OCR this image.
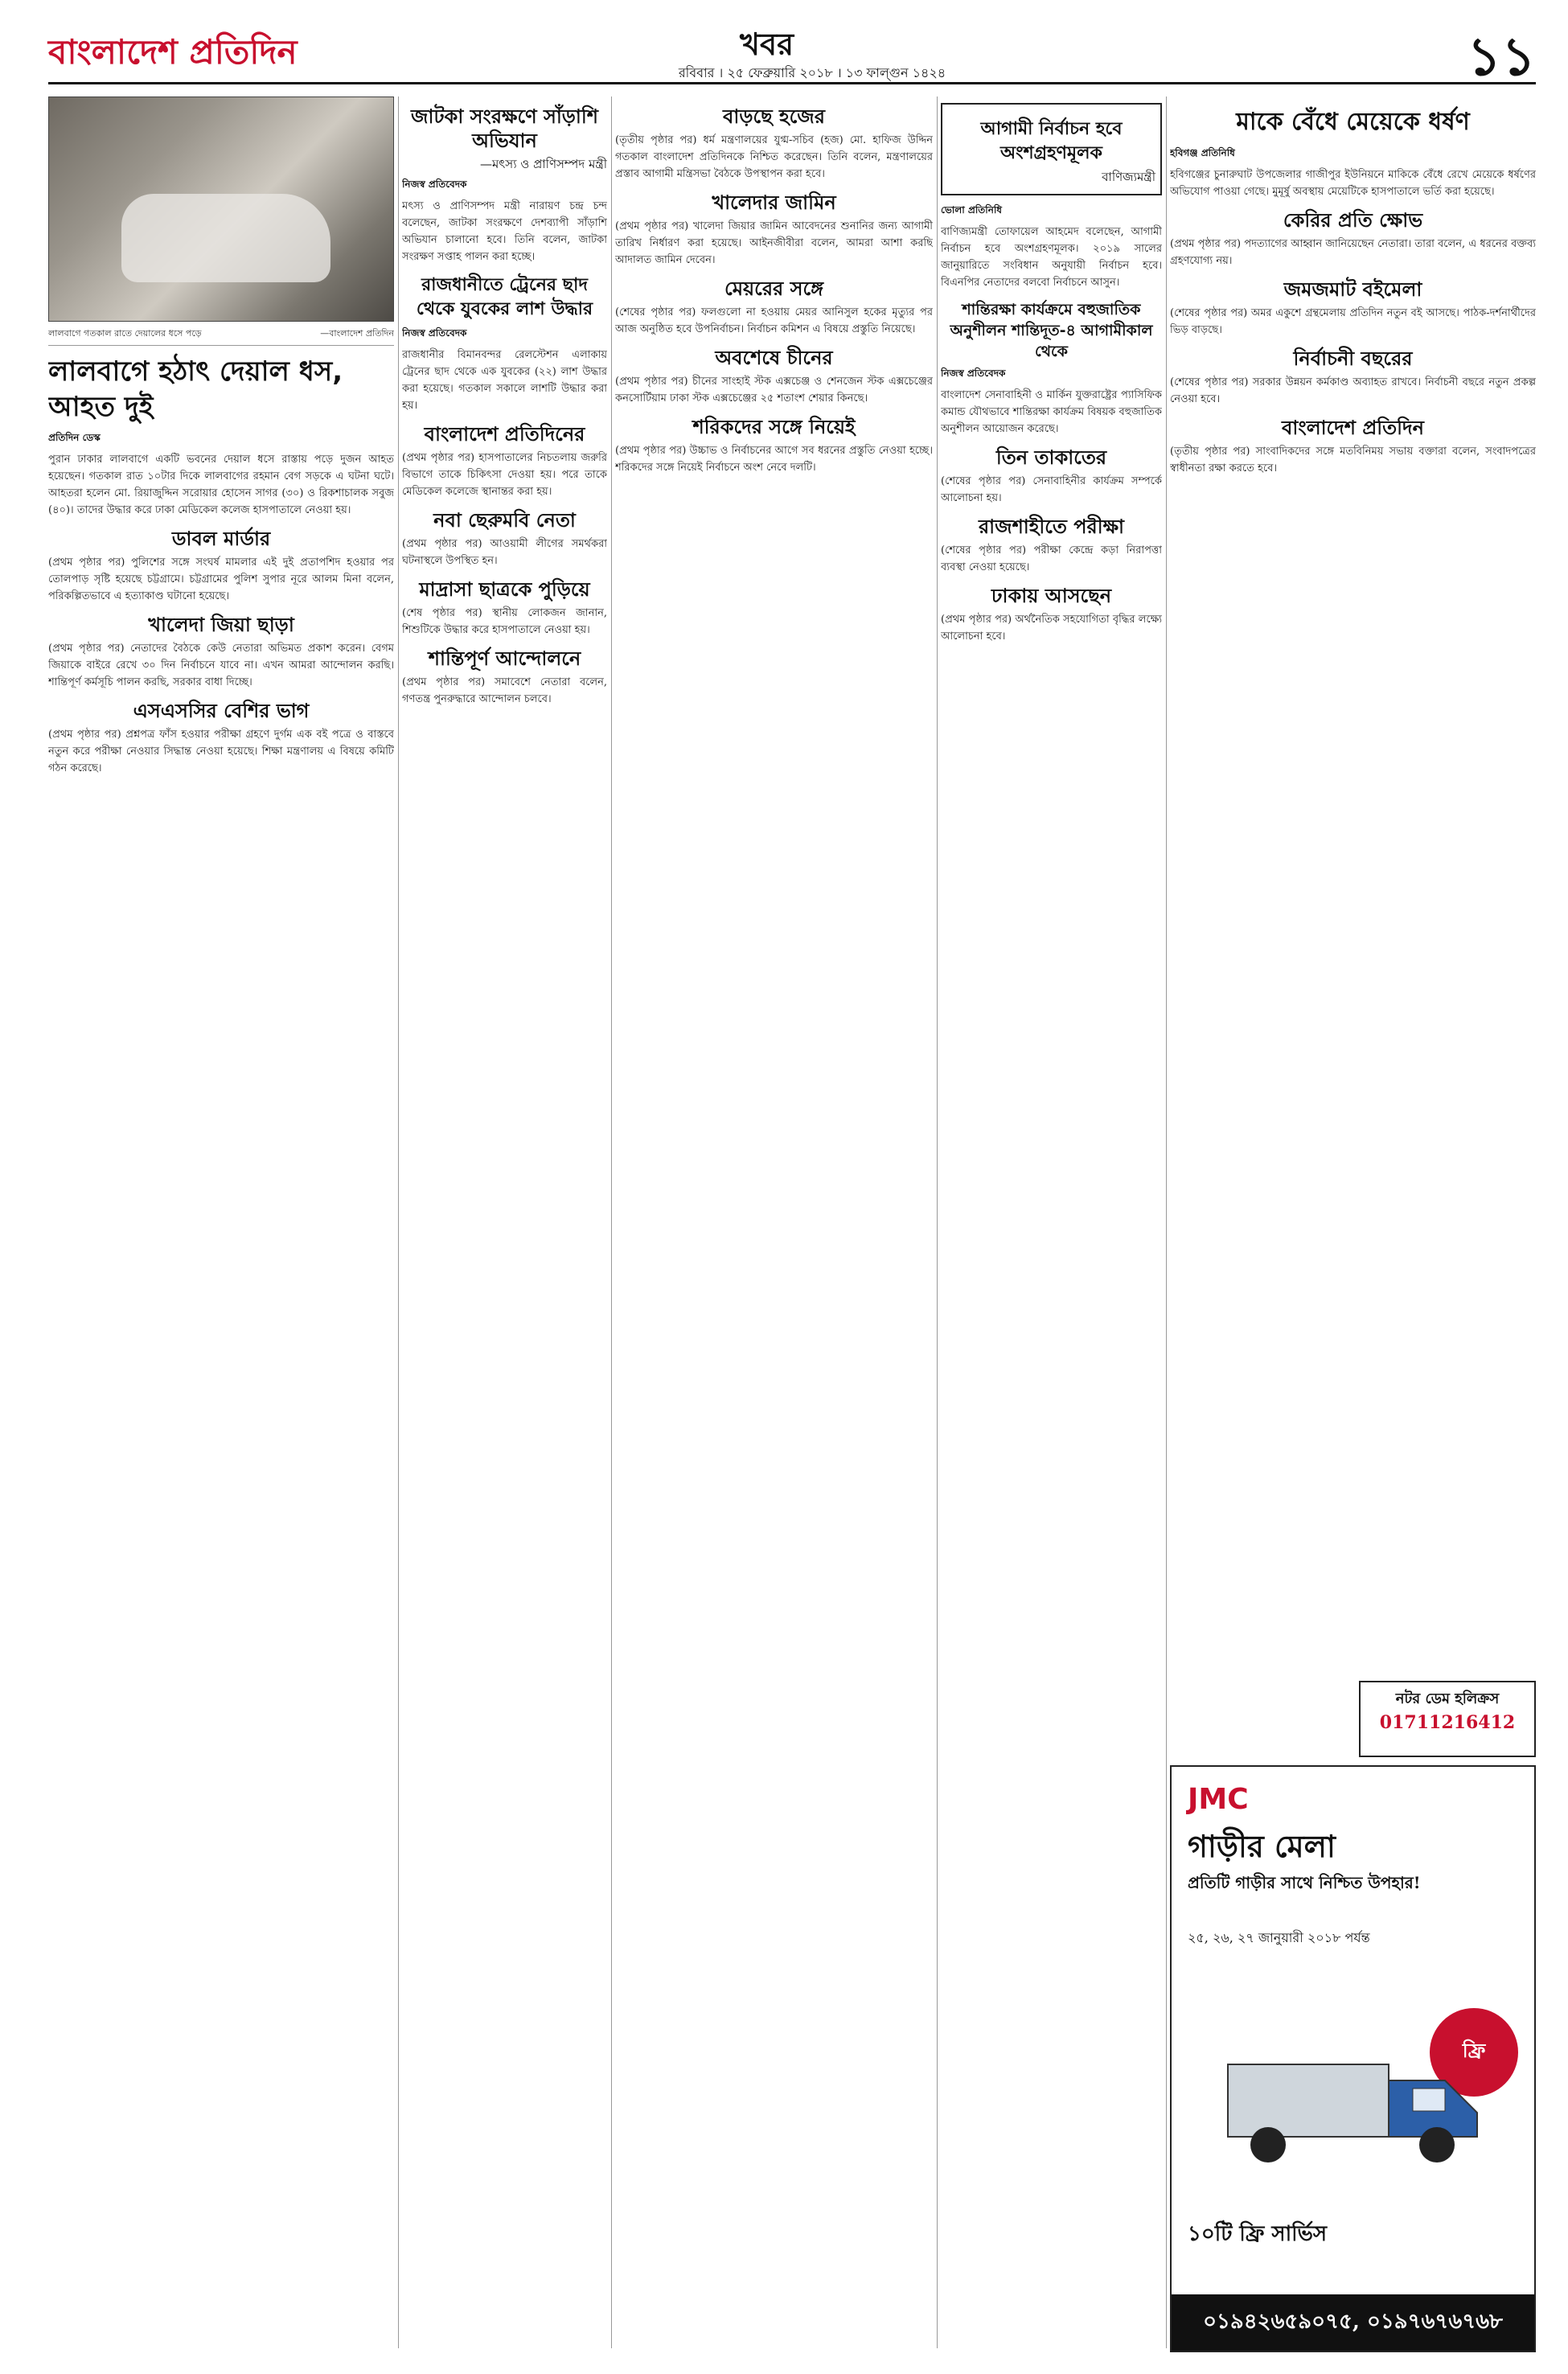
বাংলাদেশ প্রতিদিন	খবর
রবিবার । ২৫ ফেব্রুয়ারি ২০১৮ । ১৩ ফাল্গুন ১৪২৪	১১
লালবাগে গতকাল রাতে দেয়ালের ধসে পড়ে	—বাংলাদেশ প্রতিদিন
লালবাগে হঠাৎ দেয়াল ধস, আহত দুই
প্রতিদিন ডেস্ক

পুরান ঢাকার লালবাগে একটি ভবনের দেয়াল ধসে রাস্তায় পড়ে দুজন আহত হয়েছেন। গতকাল রাত ১০টার দিকে লালবাগের রহমান বেগ সড়কে এ ঘটনা ঘটে। আহতরা হলেন মো. রিয়াজুদ্দিন সরোয়ার হোসেন সাগর (৩০) ও রিকশাচালক সবুজ (৪০)। তাদের উদ্ধার করে ঢাকা মেডিকেল কলেজ হাসপাতালে নেওয়া হয়।

ডাবল মার্ডার

(প্রথম পৃষ্ঠার পর) পুলিশের সঙ্গে সংঘর্ষ মামলার এই দুই প্রতাপশিদ হওয়ার পর তোলপাড় সৃষ্টি হয়েছে চট্টগ্রামে। চট্টগ্রামের পুলিশ সুপার নূরে আলম মিনা বলেন, পরিকল্পিতভাবে এ হত্যাকাণ্ড ঘটানো হয়েছে।

খালেদা জিয়া ছাড়া

(প্রথম পৃষ্ঠার পর) নেতাদের বৈঠকে কেউ নেতারা অভিমত প্রকাশ করেন। বেগম জিয়াকে বাইরে রেখে ৩০ দিন নির্বাচনে যাবে না। এখন আমরা আন্দোলন করছি। শান্তিপূর্ণ কর্মসূচি পালন করছি, সরকার বাধা দিচ্ছে।

এসএসসির বেশির ভাগ

(প্রথম পৃষ্ঠার পর) প্রশ্নপত্র ফাঁস হওয়ার পরীক্ষা গ্রহণে দুর্গম এক বই পত্রে ও বাস্তবে নতুন করে পরীক্ষা নেওয়ার সিদ্ধান্ত নেওয়া হয়েছে। শিক্ষা মন্ত্রণালয় এ বিষয়ে কমিটি গঠন করেছে।

জাটকা সংরক্ষণে সাঁড়াশি অভিযান
—মৎস্য ও প্রাণিসম্পদ মন্ত্রী
নিজস্ব প্রতিবেদক

মৎস্য ও প্রাণিসম্পদ মন্ত্রী নারায়ণ চন্দ্র চন্দ বলেছেন, জাটকা সংরক্ষণে দেশব্যাপী সাঁড়াশি অভিযান চালানো হবে। তিনি বলেন, জাটকা সংরক্ষণ সপ্তাহ পালন করা হচ্ছে।

রাজধানীতে ট্রেনের ছাদ থেকে যুবকের লাশ উদ্ধার
নিজস্ব প্রতিবেদক

রাজধানীর বিমানবন্দর রেলস্টেশন এলাকায় ট্রেনের ছাদ থেকে এক যুবকের (২২) লাশ উদ্ধার করা হয়েছে। গতকাল সকালে লাশটি উদ্ধার করা হয়।

বাংলাদেশ প্রতিদিনের

(প্রথম পৃষ্ঠার পর) হাসপাতালের নিচতলায় জরুরি বিভাগে তাকে চিকিৎসা দেওয়া হয়। পরে তাকে মেডিকেল কলেজে স্থানান্তর করা হয়।

নবা ছেরুমবি নেতা

(প্রথম পৃষ্ঠার পর) আওয়ামী লীগের সমর্থকরা ঘটনাস্থলে উপস্থিত হন।

মাদ্রাসা ছাত্রকে পুড়িয়ে

(শেষ পৃষ্ঠার পর) স্থানীয় লোকজন জানান, শিশুটিকে উদ্ধার করে হাসপাতালে নেওয়া হয়।

শান্তিপূর্ণ আন্দোলনে

(প্রথম পৃষ্ঠার পর) সমাবেশে নেতারা বলেন, গণতন্ত্র পুনরুদ্ধারে আন্দোলন চলবে।

বাড়ছে হজের

(তৃতীয় পৃষ্ঠার পর) ধর্ম মন্ত্রণালয়ের যুগ্ম-সচিব (হজ) মো. হাফিজ উদ্দিন গতকাল বাংলাদেশ প্রতিদিনকে নিশ্চিত করেছেন। তিনি বলেন, মন্ত্রণালয়ের প্রস্তাব আগামী মন্ত্রিসভা বৈঠকে উপস্থাপন করা হবে।

খালেদার জামিন

(প্রথম পৃষ্ঠার পর) খালেদা জিয়ার জামিন আবেদনের শুনানির জন্য আগামী তারিখ নির্ধারণ করা হয়েছে। আইনজীবীরা বলেন, আমরা আশা করছি আদালত জামিন দেবেন।

মেয়রের সঙ্গে

(শেষের পৃষ্ঠার পর) ফলগুলো না হওয়ায় মেয়র আনিসুল হকের মৃত্যুর পর আজ অনুষ্ঠিত হবে উপনির্বাচন। নির্বাচন কমিশন এ বিষয়ে প্রস্তুতি নিয়েছে।

অবশেষে চীনের

(প্রথম পৃষ্ঠার পর) চীনের সাংহাই স্টক এক্সচেঞ্জ ও শেনজেন স্টক এক্সচেঞ্জের কনসোর্টিয়াম ঢাকা স্টক এক্সচেঞ্জের ২৫ শতাংশ শেয়ার কিনছে।

শরিকদের সঙ্গে নিয়েই

(প্রথম পৃষ্ঠার পর) উচ্চাভ ও নির্বাচনের আগে সব ধরনের প্রস্তুতি নেওয়া হচ্ছে। শরিকদের সঙ্গে নিয়েই নির্বাচনে অংশ নেবে দলটি।

আগামী নির্বাচন হবে অংশগ্রহণমূলক
বাণিজ্যমন্ত্রী
ভোলা প্রতিনিধি

বাণিজ্যমন্ত্রী তোফায়েল আহমেদ বলেছেন, আগামী নির্বাচন হবে অংশগ্রহণমূলক। ২০১৯ সালের জানুয়ারিতে সংবিধান অনুযায়ী নির্বাচন হবে। বিএনপির নেতাদের বলবো নির্বাচনে আসুন।

শান্তিরক্ষা কার্যক্রমে বহুজাতিক অনুশীলন শান্তিদূত-৪ আগামীকাল থেকে
নিজস্ব প্রতিবেদক

বাংলাদেশ সেনাবাহিনী ও মার্কিন যুক্তরাষ্ট্রের প্যাসিফিক কমান্ড যৌথভাবে শান্তিরক্ষা কার্যক্রম বিষয়ক বহুজাতিক অনুশীলন আয়োজন করেছে।

তিন তাকাতের

(শেষের পৃষ্ঠার পর) সেনাবাহিনীর কার্যক্রম সম্পর্কে আলোচনা হয়।

রাজশাহীতে পরীক্ষা

(শেষের পৃষ্ঠার পর) পরীক্ষা কেন্দ্রে কড়া নিরাপত্তা ব্যবস্থা নেওয়া হয়েছে।

ঢাকায় আসছেন

(প্রথম পৃষ্ঠার পর) অর্থনৈতিক সহযোগিতা বৃদ্ধির লক্ষ্যে আলোচনা হবে।

মাকে বেঁধে মেয়েকে ধর্ষণ
হবিগঞ্জ প্রতিনিধি

হবিগঞ্জের চুনারুঘাট উপজেলার গাজীপুর ইউনিয়নে মাকিকে বেঁধে রেখে মেয়েকে ধর্ষণের অভিযোগ পাওয়া গেছে। মুমূর্ষু অবস্থায় মেয়েটিকে হাসপাতালে ভর্তি করা হয়েছে।

কেরির প্রতি ক্ষোভ

(প্রথম পৃষ্ঠার পর) পদত্যাগের আহ্বান জানিয়েছেন নেতারা। তারা বলেন, এ ধরনের বক্তব্য গ্রহণযোগ্য নয়।

জমজমাট বইমেলা

(শেষের পৃষ্ঠার পর) অমর একুশে গ্রন্থমেলায় প্রতিদিন নতুন বই আসছে। পাঠক-দর্শনার্থীদের ভিড় বাড়ছে।

নির্বাচনী বছরের

(শেষের পৃষ্ঠার পর) সরকার উন্নয়ন কর্মকাণ্ড অব্যাহত রাখবে। নির্বাচনী বছরে নতুন প্রকল্প নেওয়া হবে।

বাংলাদেশ প্রতিদিন

(তৃতীয় পৃষ্ঠার পর) সাংবাদিকদের সঙ্গে মতবিনিময় সভায় বক্তারা বলেন, সংবাদপত্রের স্বাধীনতা রক্ষা করতে হবে।

নটর ডেম হলিক্রস
01711216412
JMC
গাড়ীর মেলা
প্রতিটি গাড়ীর সাথে নিশ্চিত উপহার!
২৫, ২৬, ২৭ জানুয়ারী ২০১৮ পর্যন্ত
ফ্রি
১০টি ফ্রি সার্ভিস
০১৯৪২৬৫৯০৭৫, ০১৯৭৬৭৬৭৬৮
